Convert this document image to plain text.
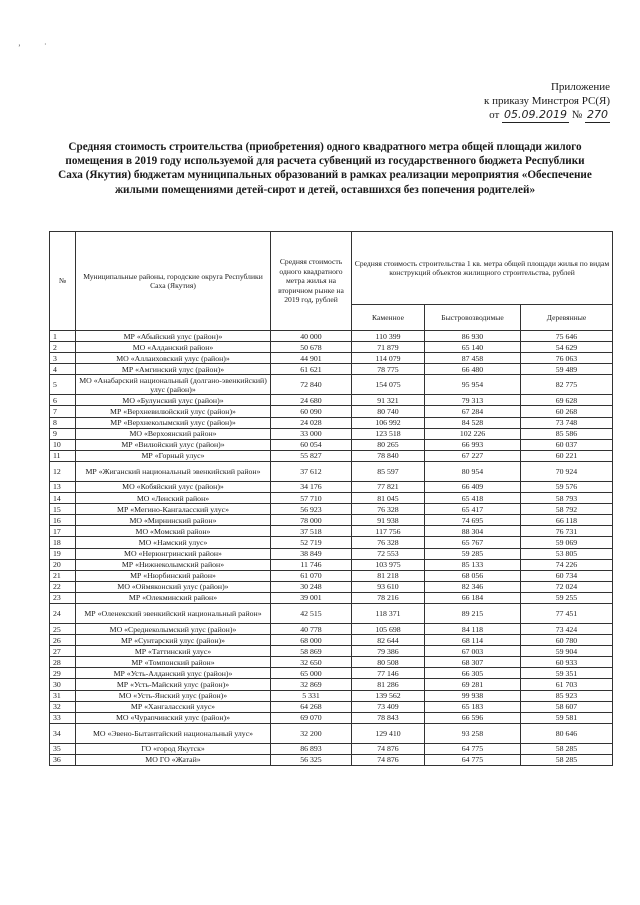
ʼ	·
Приложение
к приказу Минстроя РС(Я)
от 05.09.2019 № 270
Средняя стоимость строительства (приобретения) одного квадратного метра общей площади жилого помещения в 2019 году используемой для расчета субвенций из государственного бюджета Республики Саха (Якутия) бюджетам муниципальных образований в рамках реализации мероприятия «Обеспечение жилыми помещениями детей-сирот и детей, оставшихся без попечения родителей»
№	Муниципальные районы, городские округа Республики Саха (Якутия)	Средняя стоимость одного квадратного метра жилья на вторичном рынке на 2019 год, рублей	Средняя стоимость строительства 1 кв. метра общей площади жилья по видам конструкций объектов жилищного строительства, рублей		
			Каменное	Быстровозводимые	Деревянные
1	МР «Абыйский улус (район)»	40 000	110 399	86 930	75 646
2	МО «Алданский район»	50 678	71 879	65 140	54 629
3	МО «Аллаиховский улус (район)»	44 901	114 079	87 458	76 063
4	МР «Амгинский улус (район)»	61 621	78 775	66 480	59 489
5	МО «Анабарский национальный (долгано-эвенкийский) улус (район)»	72 840	154 075	95 954	82 775
6	МО «Булунский улус (район)»	24 680	91 321	79 313	69 628
7	МР «Верхневилюйский улус (район)»	60 090	80 740	67 284	60 268
8	МР «Верхнеколымский улус (район)»	24 028	106 992	84 528	73 748
9	МО «Верхоянский район»	33 000	123 518	102 226	85 586
10	МР «Вилюйский улус (район)»	60 054	80 265	66 993	60 037
11	МР «Горный улус»	55 827	78 840	67 227	60 221
12	МР «Жиганский национальный эвенкийский район»	37 612	85 597	80 954	70 924
13	МО «Кобяйский улус (район)»	34 176	77 821	66 409	59 576
14	МО «Ленский район»	57 710	81 045	65 418	58 793
15	МР «Мегино-Кангаласский улус»	56 923	76 328	65 417	58 792
16	МО «Мирнинский район»	78 000	91 938	74 695	66 118
17	МО «Момский район»	37 518	117 756	88 304	76 731
18	МО «Намский улус»	52 719	76 328	65 767	59 069
19	МО «Нерюнгринский район»	38 849	72 553	59 285	53 805
20	МР «Нижнеколымский район»	11 746	103 975	85 133	74 226
21	МР «Нюрбинский район»	61 070	81 218	68 056	60 734
22	МО «Оймяконский улус (район)»	30 248	93 610	82 346	72 024
23	МР «Олекминский район»	39 001	78 216	66 184	59 255
24	МР «Оленекский эвенкийский национальный район»	42 515	118 371	89 215	77 451
25	МО «Среднеколымский улус (район)»	40 778	105 698	84 118	73 424
26	МР «Сунтарский улус (район)»	68 000	82 644	68 114	60 780
27	МР «Таттинский улус»	58 869	79 386	67 003	59 904
28	МР «Томпонский район»	32 650	80 508	68 307	60 933
29	МР «Усть-Алданский улус (район)»	65 000	77 146	66 305	59 351
30	МР «Усть-Майский улус (район)»	32 869	81 286	69 281	61 703
31	МО «Усть-Янский улус (район)»	5 331	139 562	99 938	85 923
32	МР «Хангаласский улус»	64 268	73 409	65 183	58 607
33	МО «Чурапчинский улус (район)»	69 070	78 843	66 596	59 581
34	МО «Эвено-Бытантайский национальный улус»	32 200	129 410	93 258	80 646
35	ГО «город Якутск»	86 893	74 876	64 775	58 285
36	МО ГО «Жатай»	56 325	74 876	64 775	58 285
